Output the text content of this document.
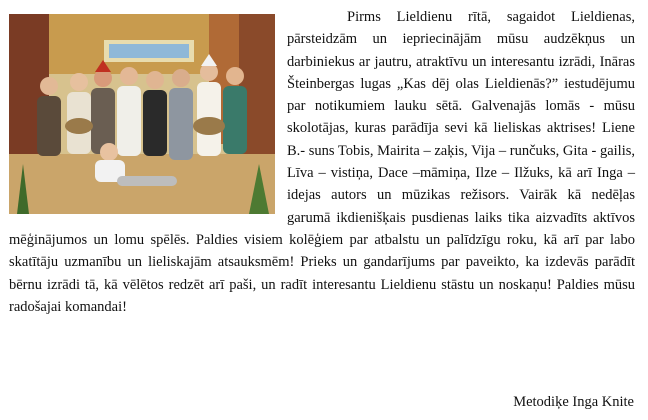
Pirms Lieldienu rītā, sagaidot Lieldienas, pārsteidzām un iepriecinājām mūsu audzēkņus un darbiniekus ar jautru, atraktīvu un interesantu izrādi, Ināras Šteinbergas lugas „Kas dēj olas Lieldienās?” iestudējumu par notikumiem lauku sētā. Galvenajās lomās - mūsu skolotājas, kuras parādīja sevi kā lieliskas aktrises! Liene B.- suns Tobis, Mairita – zaķis, Vija – runčuks, Gita - gailis, Līva – vistiņa, Dace –māmiņa, Ilze – Ilžuks, kā arī Inga – idejas autors un mūzikas režisors. Vairāk kā nedēļas garumā ikdienišķais pusdienas laiks tika aizvadīts aktīvos mēģinājumos un lomu spēlēs. Paldies visiem kolēģiem par atbalstu un palīdzīgu roku, kā arī par labo skatītāju uzmanību un lieliskajām atsauksmēm! Prieks un gandarījums par paveikto, ka izdevās parādīt bērnu izrādi tā, kā vēlētos redzēt arī paši, un radīt interesantu Lieldienu stāstu un noskaņu! Paldies mūsu radošajai komandai!

Metodiķe Inga Knite
